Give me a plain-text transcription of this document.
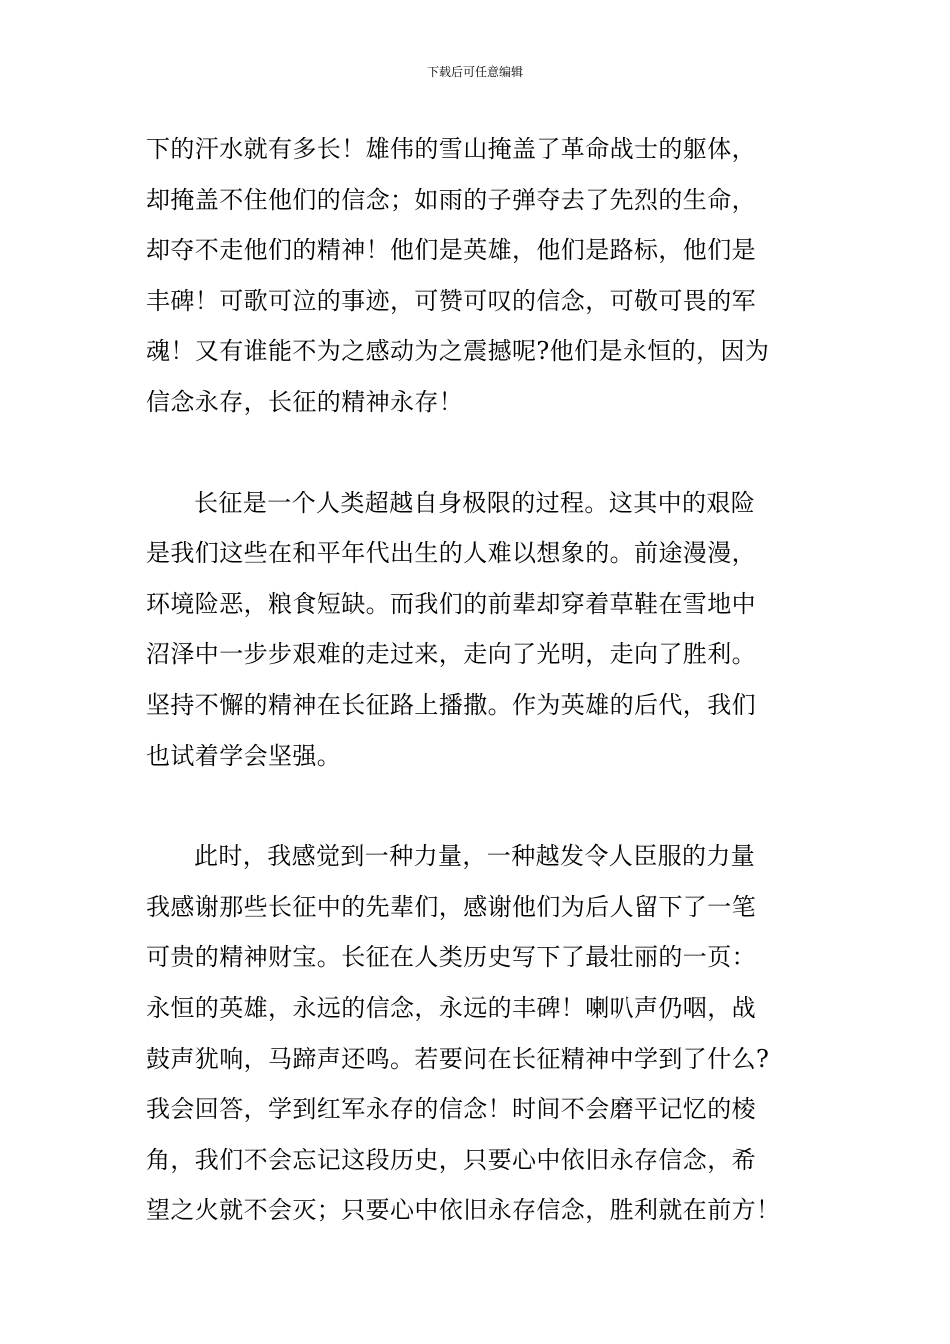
下载后可任意编辑

下的汗水就有多长！雄伟的雪山掩盖了革命战士的躯体，
却掩盖不住他们的信念；如雨的子弹夺去了先烈的生命，
却夺不走他们的精神！他们是英雄，他们是路标，他们是
丰碑！可歌可泣的事迹，可赞可叹的信念，可敬可畏的军
魂！又有谁能不为之感动为之震撼呢?他们是永恒的，因为
信念永存，长征的精神永存！

长征是一个人类超越自身极限的过程。这其中的艰险
是我们这些在和平年代出生的人难以想象的。前途漫漫，
环境险恶，粮食短缺。而我们的前辈却穿着草鞋在雪地中
沼泽中一步步艰难的走过来，走向了光明，走向了胜利。
坚持不懈的精神在长征路上播撒。作为英雄的后代，我们
也试着学会坚强。

此时，我感觉到一种力量，一种越发令人臣服的力量
我感谢那些长征中的先辈们，感谢他们为后人留下了一笔
可贵的精神财宝。长征在人类历史写下了最壮丽的一页：
永恒的英雄，永远的信念，永远的丰碑！喇叭声仍咽，战
鼓声犹响，马蹄声还鸣。若要问在长征精神中学到了什么?
我会回答，学到红军永存的信念！时间不会磨平记忆的棱
角，我们不会忘记这段历史，只要心中依旧永存信念，希
望之火就不会灭；只要心中依旧永存信念，胜利就在前方！
